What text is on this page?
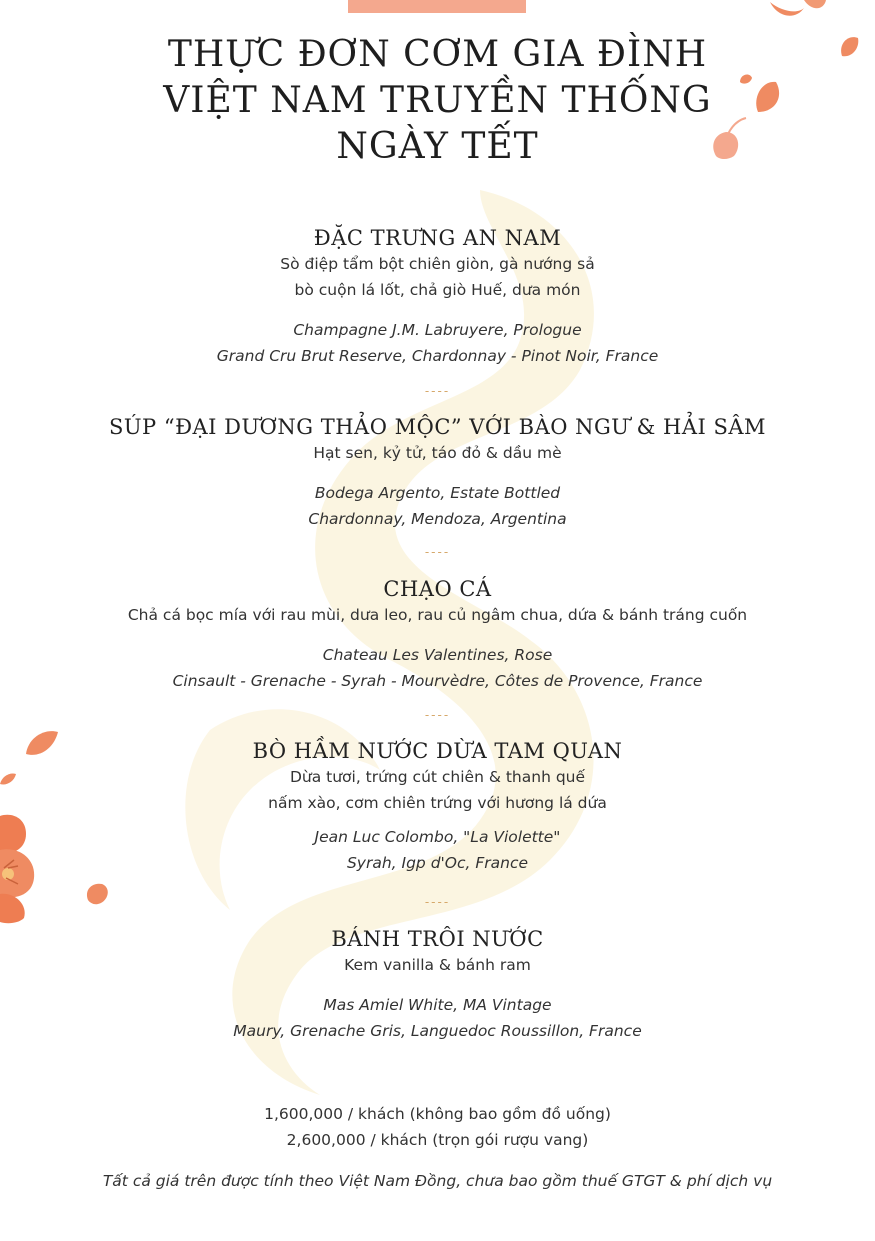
THỰC ĐƠN CƠM GIA ĐÌNH
VIỆT NAM TRUYỀN THỐNG
NGÀY TẾT
ĐẶC TRƯNG AN NAM
Sò điệp tẩm bột chiên giòn, gà nướng sả
bò cuộn lá lốt, chả giò Huế, dưa món
Champagne J.M. Labruyere, Prologue
Grand Cru Brut Reserve, Chardonnay - Pinot Noir, France
----
SÚP “ĐẠI DƯƠNG THẢO MỘC” VỚI BÀO NGƯ & HẢI SÂM
Hạt sen, kỷ tử, táo đỏ & dầu mè
Bodega Argento, Estate Bottled
Chardonnay, Mendoza, Argentina
----
CHẠO CÁ
Chả cá bọc mía với rau mùi, dưa leo, rau củ ngâm chua, dứa & bánh tráng cuốn
Chateau Les Valentines, Rose
Cinsault - Grenache - Syrah - Mourvèdre, Côtes de Provence, France
----
BÒ HẦM NƯỚC DỪA TAM QUAN
Dừa tươi, trứng cút chiên & thanh quế
nấm xào, cơm chiên trứng với hương lá dứa
Jean Luc Colombo, "La Violette"
Syrah, Igp d'Oc, France
----
BÁNH TRÔI NƯỚC
Kem vanilla & bánh ram
Mas Amiel White, MA Vintage
Maury, Grenache Gris, Languedoc Roussillon, France
1,600,000 / khách (không bao gồm đồ uống)
2,600,000 / khách (trọn gói rượu vang)
Tất cả giá trên được tính theo Việt Nam Đồng, chưa bao gồm thuế GTGT & phí dịch vụ
